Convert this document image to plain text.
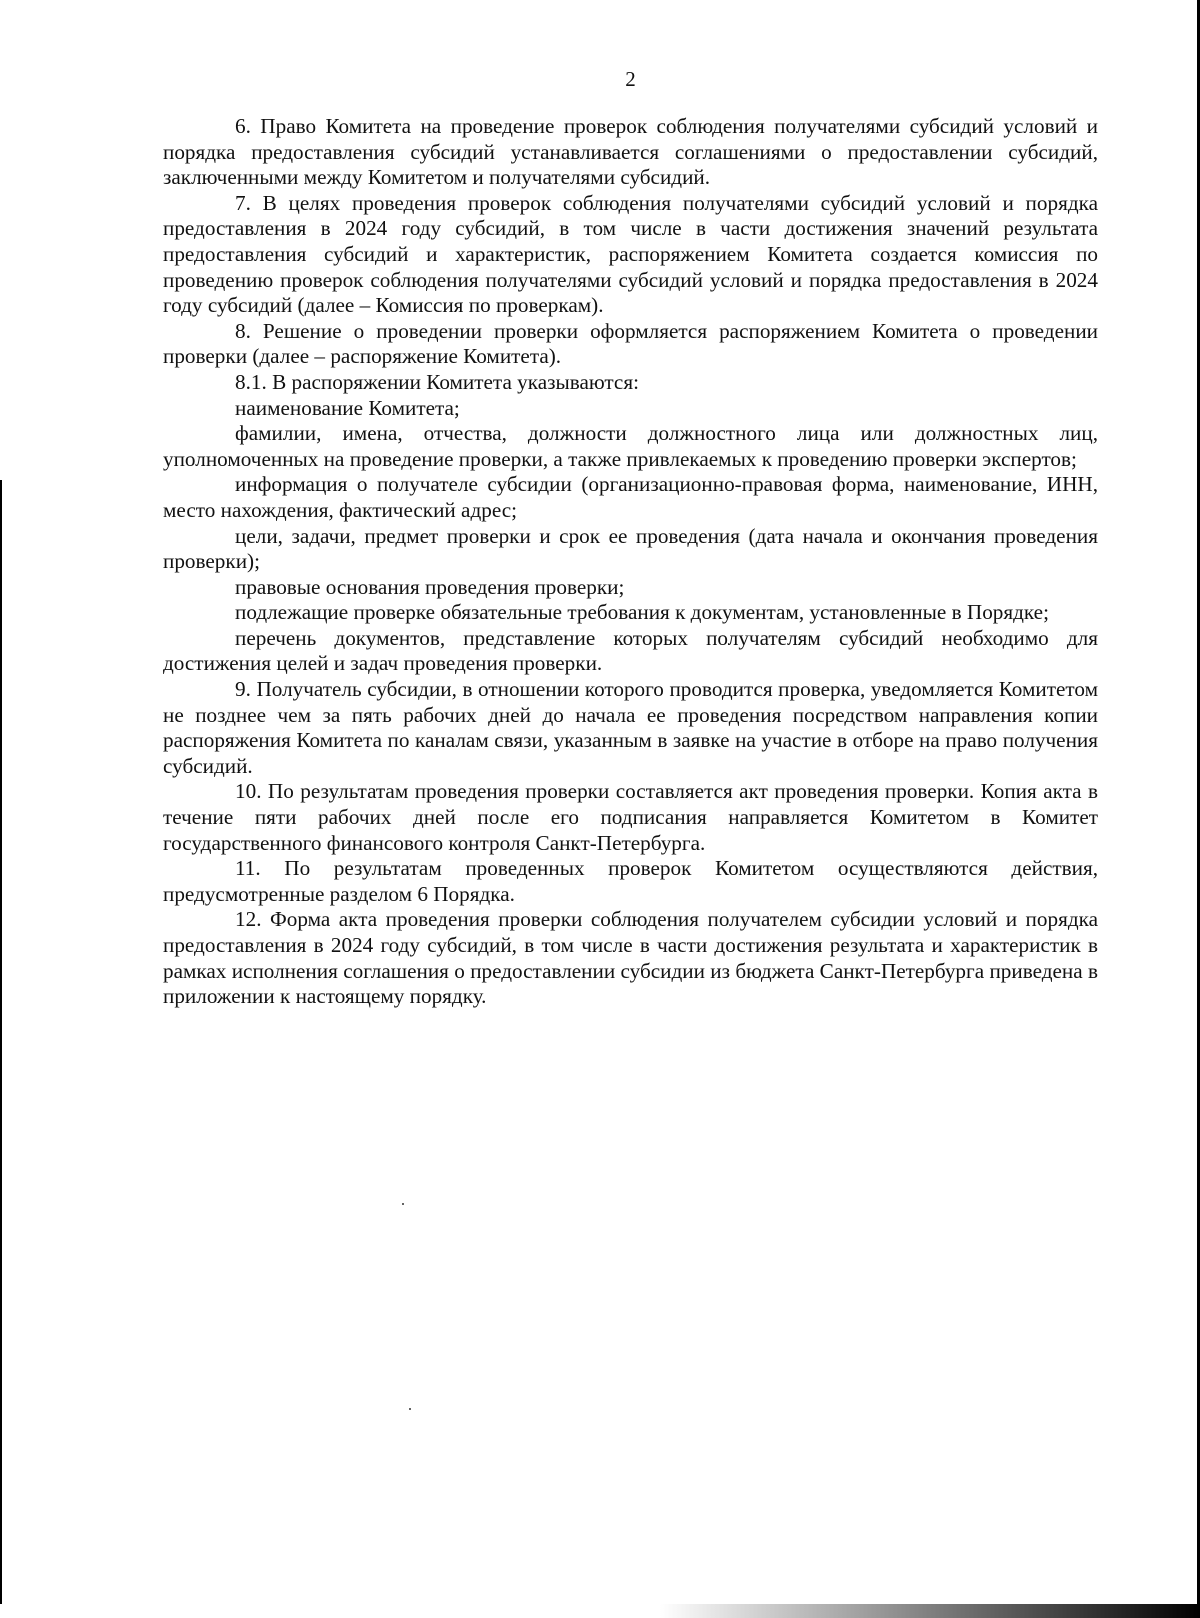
2

6. Право Комитета на проведение проверок соблюдения получателями субсидий условий и порядка предоставления субсидий устанавливается соглашениями о предоставлении субсидий, заключенными между Комитетом и получателями субсидий.

7. В целях проведения проверок соблюдения получателями субсидий условий и порядка предоставления в 2024 году субсидий, в том числе в части достижения значений результата предоставления субсидий и характеристик, распоряжением Комитета создается комиссия по проведению проверок соблюдения получателями субсидий условий и порядка предоставления в 2024 году субсидий (далее – Комиссия по проверкам).

8. Решение о проведении проверки оформляется распоряжением Комитета о проведении проверки (далее – распоряжение Комитета).

8.1. В распоряжении Комитета указываются:

наименование Комитета;

фамилии, имена, отчества, должности должностного лица или должностных лиц, уполномоченных на проведение проверки, а также привлекаемых к проведению проверки экспертов;

информация о получателе субсидии (организационно-правовая форма, наименование, ИНН, место нахождения, фактический адрес;

цели, задачи, предмет проверки и срок ее проведения (дата начала и окончания проведения проверки);

правовые основания проведения проверки;

подлежащие проверке обязательные требования к документам, установленные в Порядке;

перечень документов, представление которых получателям субсидий необходимо для достижения целей и задач проведения проверки.

9. Получатель субсидии, в отношении которого проводится проверка, уведомляется Комитетом не позднее чем за пять рабочих дней до начала ее проведения посредством направления копии распоряжения Комитета по каналам связи, указанным в заявке на участие в отборе на право получения субсидий.

10. По результатам проведения проверки составляется акт проведения проверки. Копия акта в течение пяти рабочих дней после его подписания направляется Комитетом в Комитет государственного финансового контроля Санкт-Петербурга.

11. По результатам проведенных проверок Комитетом осуществляются действия, предусмотренные разделом 6 Порядка.

12. Форма акта проведения проверки соблюдения получателем субсидии условий и порядка предоставления в 2024 году субсидий, в том числе в части достижения результата и характеристик в рамках исполнения соглашения о предоставлении субсидии из бюджета Санкт-Петербурга приведена в приложении к настоящему порядку.
